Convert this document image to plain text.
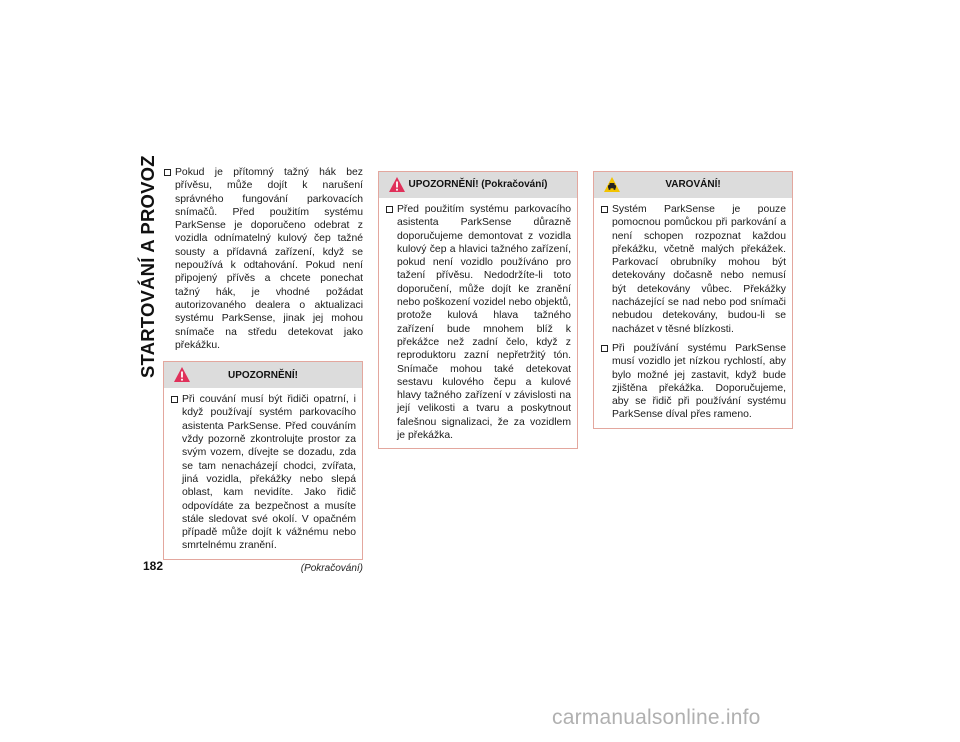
STARTOVÁNÍ A PROVOZ
182
Pokud je přítomný tažný hák bez přívěsu, může dojít k narušení správného fungování parkovacích snímačů. Před použitím systému ParkSense je doporučeno odebrat z vozidla odnímatelný kulový čep tažné sousty a přídavná zařízení, když se nepoužívá k odtahování. Pokud není připojený přívěs a chcete ponechat tažný hák, je vhodné požádat autorizovaného dealera o aktualizaci systému ParkSense, jinak jej mohou snímače na středu detekovat jako překážku.
UPOZORNĚNÍ!
Při couvání musí být řidiči opatrní, i když používají systém parkovacího asistenta ParkSense. Před couváním vždy pozorně zkontrolujte prostor za svým vozem, dívejte se dozadu, zda se tam nenacházejí chodci, zvířata, jiná vozidla, překážky nebo slepá oblast, kam nevidíte. Jako řidič odpovídáte za bezpečnost a musíte stále sledovat své okolí. V opačném případě může dojít k vážnému nebo smrtelnému zranění.
(Pokračování)
UPOZORNĚNÍ! (Pokračování)
Před použitím systému parkovacího asistenta ParkSense důrazně doporučujeme demontovat z vozidla kulový čep a hlavici tažného zařízení, pokud není vozidlo používáno pro tažení přívěsu. Nedodržíte-li toto doporučení, může dojít ke zranění nebo poškození vozidel nebo objektů, protože kulová hlava tažného zařízení bude mnohem blíž k překážce než zadní čelo, když z reproduktoru zazní nepřetržitý tón. Snímače mohou také detekovat sestavu kulového čepu a kulové hlavy tažného zařízení v závislosti na její velikosti a tvaru a poskytnout falešnou signalizaci, že za vozidlem je překážka.
VAROVÁNÍ!
Systém ParkSense je pouze pomocnou pomůckou při parkování a není schopen rozpoznat každou překážku, včetně malých překážek. Parkovací obrubníky mohou být detekovány dočasně nebo nemusí být detekovány vůbec. Překážky nacházející se nad nebo pod snímači nebudou detekovány, budou-li se nacházet v těsné blízkosti.
Při používání systému ParkSense musí vozidlo jet nízkou rychlostí, aby bylo možné jej zastavit, když bude zjištěna překážka. Doporučujeme, aby se řidič při používání systému ParkSense díval přes rameno.
carmanualsonline.info
